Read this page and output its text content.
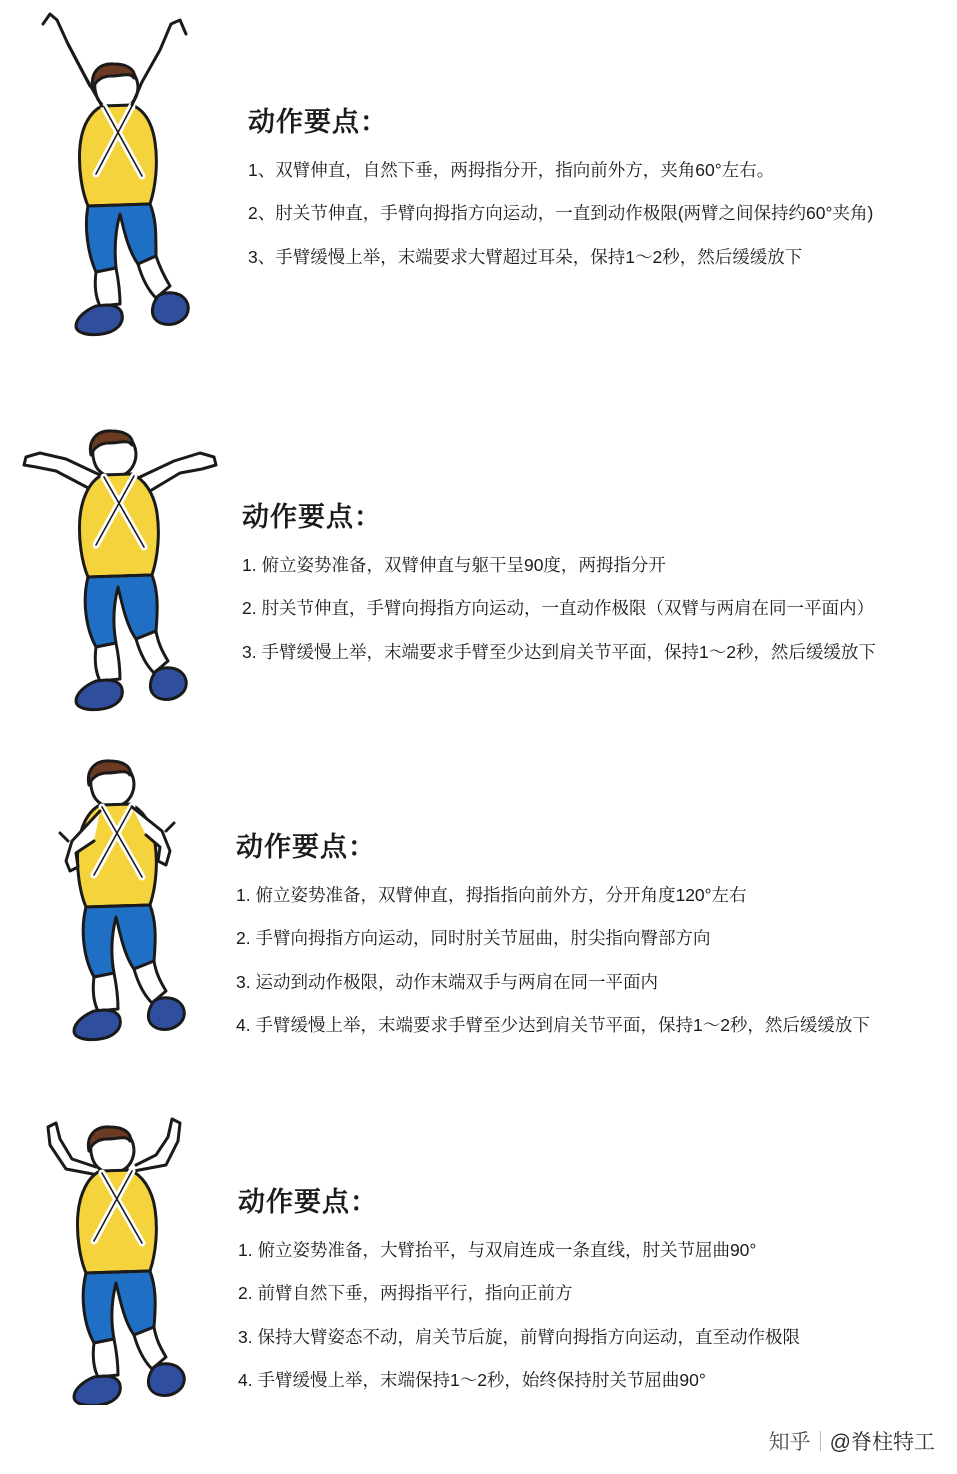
动作要点：

1、双臂伸直，自然下垂，两拇指分开，指向前外方，夹角60°左右。

2、肘关节伸直，手臂向拇指方向运动，一直到动作极限(两臂之间保持约60°夹角)

3、手臂缓慢上举，末端要求大臂超过耳朵，保持1～2秒，然后缓缓放下

动作要点：

1. 俯立姿势准备，双臂伸直与躯干呈90度，两拇指分开

2. 肘关节伸直，手臂向拇指方向运动，一直动作极限（双臂与两肩在同一平面内）

3. 手臂缓慢上举，末端要求手臂至少达到肩关节平面，保持1～2秒，然后缓缓放下

动作要点：

1. 俯立姿势准备，双臂伸直，拇指指向前外方，分开角度120°左右

2. 手臂向拇指方向运动，同时肘关节屈曲，肘尖指向臀部方向

3. 运动到动作极限，动作末端双手与两肩在同一平面内

4. 手臂缓慢上举，末端要求手臂至少达到肩关节平面，保持1～2秒，然后缓缓放下

动作要点：

1. 俯立姿势准备，大臂抬平，与双肩连成一条直线，肘关节屈曲90°

2. 前臂自然下垂，两拇指平行，指向正前方

3. 保持大臂姿态不动，肩关节后旋，前臂向拇指方向运动，直至动作极限

4. 手臂缓慢上举，末端保持1～2秒，始终保持肘关节屈曲90°

知乎 @脊柱特工
